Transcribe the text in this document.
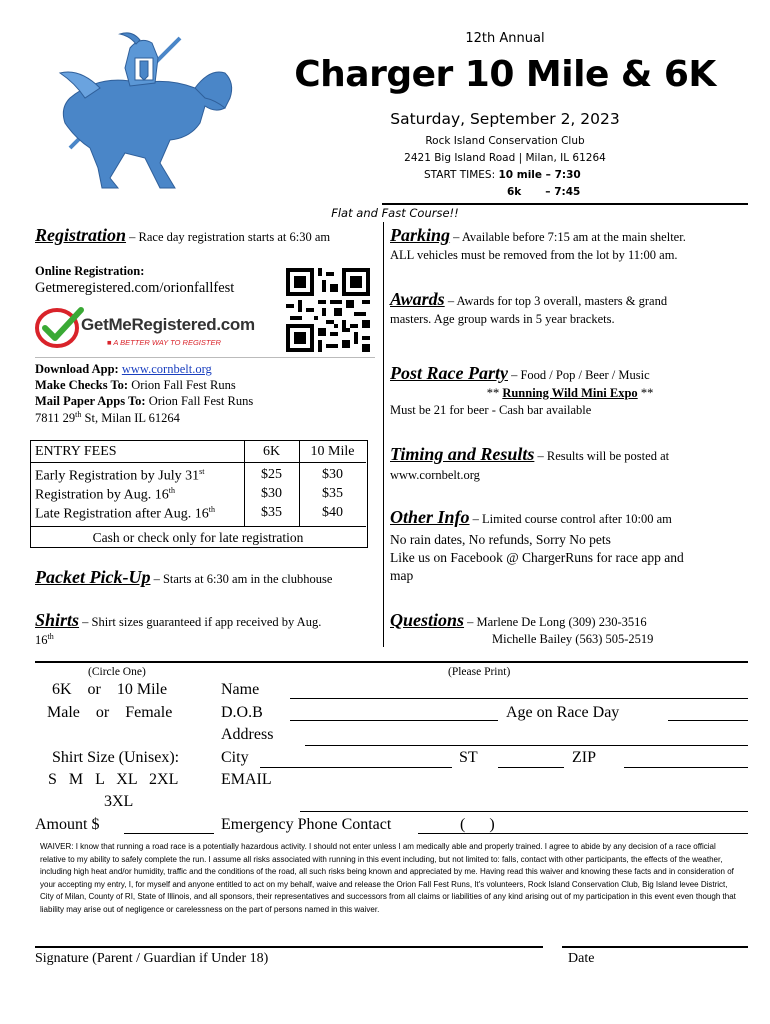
12th Annual
Charger 10 Mile & 6K
Saturday, September 2, 2023
Rock Island Conservation Club
2421 Big Island Road | Milan, IL 61264
START TIMES: 10 mile – 7:30
6k – 7:45
Flat and Fast Course!!
Registration – Race day registration starts at 6:30 am
Online Registration:
Getmeregistered.com/orionfallfest
GetMeRegistered.com
■ A BETTER WAY TO REGISTER
Download App: www.cornbelt.org
Make Checks To: Orion Fall Fest Runs
Mail Paper Apps To: Orion Fall Fest Runs
7811 29th St, Milan IL 61264
ENTRY FEES	6K	10 Mile
Early Registration by July 31st	$25	$30
Registration by Aug. 16th	$30	$35
Late Registration after Aug. 16th	$35	$40
Cash or check only for late registration
Packet Pick-Up – Starts at 6:30 am in the clubhouse
Shirts – Shirt sizes guaranteed if app received by Aug.
16th
Parking – Available before 7:15 am at the main shelter.
ALL vehicles must be removed from the lot by 11:00 am.
Awards – Awards for top 3 overall, masters & grand
masters. Age group wards in 5 year brackets.
Post Race Party – Food / Pop / Beer / Music
** Running Wild Mini Expo **
Must be 21 for beer - Cash bar available
Timing and Results – Results will be posted at
www.cornbelt.org
Other Info – Limited course control after 10:00 am
No rain dates, No refunds, Sorry No pets
Like us on Facebook @ ChargerRuns for race app and
map
Questions – Marlene De Long (309) 230-3516
Michelle Bailey (563) 505-2519
(Circle One)	(Please Print)
6K    or    10 Mile
Male    or    Female
Shirt Size (Unisex):
S   M   L   XL   2XL
3XL
Amount $
Name
D.O.B	Age on Race Day
Address
City	ST	ZIP
EMAIL
Emergency Phone Contact	(      )
WAIVER: I know that running a road race is a potentially hazardous activity. I should not enter unless I am medically able and properly trained. I agree to abide by any decision of a race official relative to my ability to safely complete the run. I assume all risks associated with running in this event including, but not limited to: falls, contact with other participants, the effects of the weather, including high heat and/or humidity, traffic and the conditions of the road, all such risks being known and appreciated by me. Having read this waiver and knowing these facts and in consideration of your accepting my entry, I, for myself and anyone entitled to act on my behalf, waive and release the Orion Fall Fest Runs, It's volunteers, Rock Island Conservation Club, Big Island levee District, City of Milan, County of RI, State of Illinois, and all sponsors, their representatives and successors from all claims or liabilities of any kind arising out of my participation in this event even though that liability may arise out of negligence or carelessness on the part of persons named in this waiver.
Signature (Parent / Guardian if Under 18)	Date
